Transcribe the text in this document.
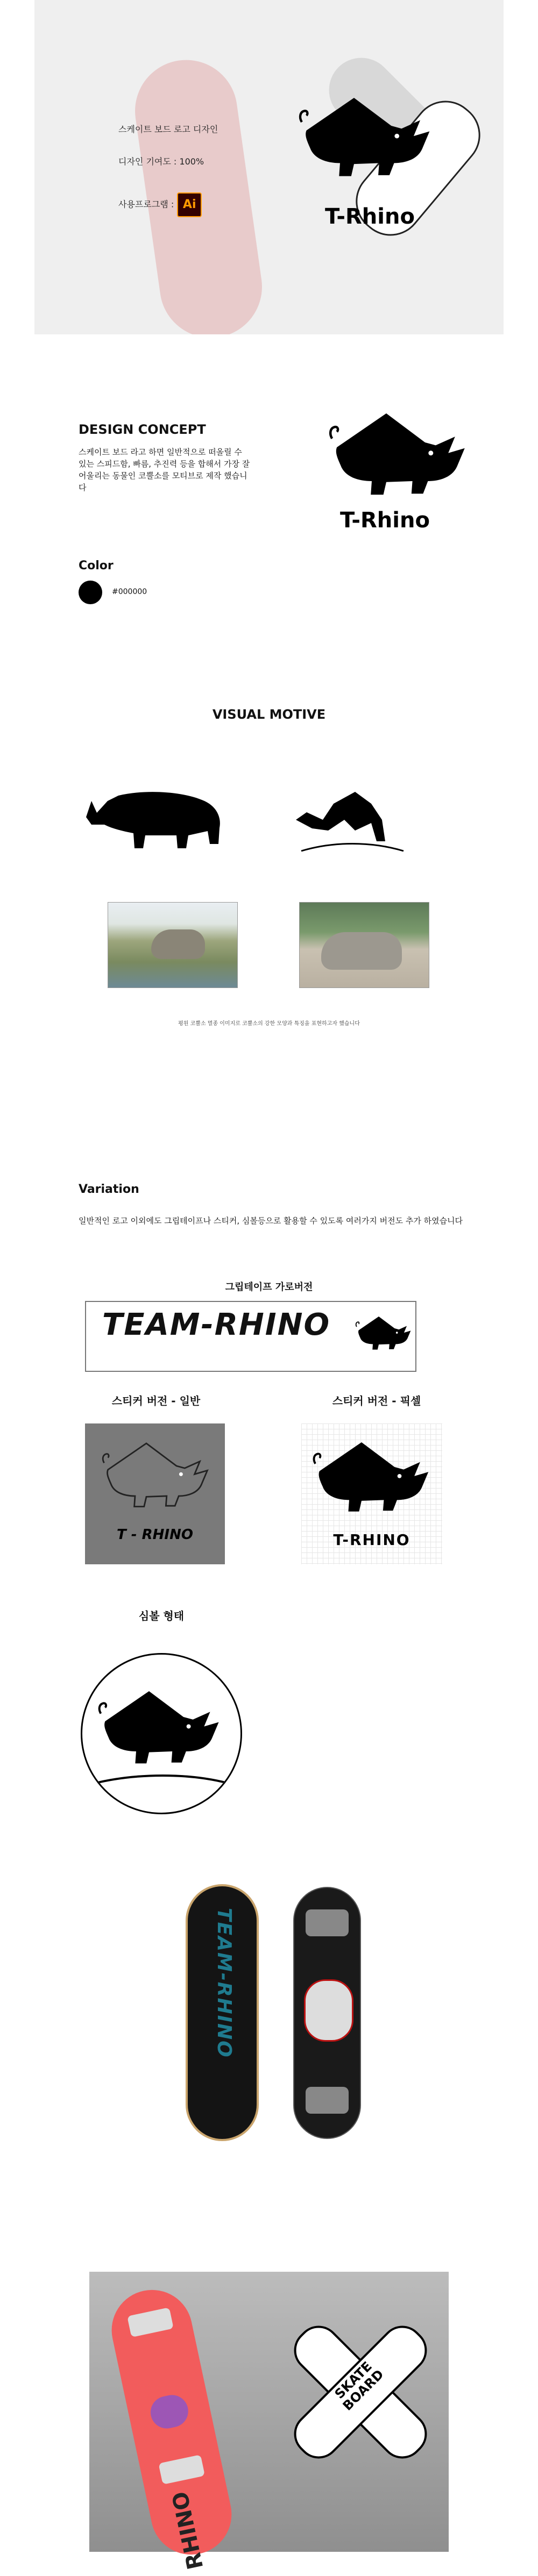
스케이트 보드 로고 디자인
디자인 기여도 : 100%
사용프로그램 : Ai	T-Rhino
DESIGN CONCEPT
스케이트 보드 라고 하면 일반적으로 떠올릴 수 있는 스피드함, 빠름, 추진력 등을 합해서 가장 잘어울리는 동물인 코뿔소를 모티브로 제작 했습니다
T-Rhino
Color
#000000
VISUAL MOTIVE
평원 코뿔소 멸종 이미지로 코뿔소의 강한 모양과 특징을 표현하고자 했습니다
Variation
일반적인 로고 이외에도 그립테이프나 스티커, 심볼등으로 활용할 수 있도록 여러가지 버전도 추가 하였습니다
그립테이프 가로버전
TEAM-RHINO
스티커 버전 - 일반	스티커 버전 - 픽셀
T - RHINO	T-RHINO
심볼 형태
TEAM-RHINO
RHINO
SKATE BOARD
